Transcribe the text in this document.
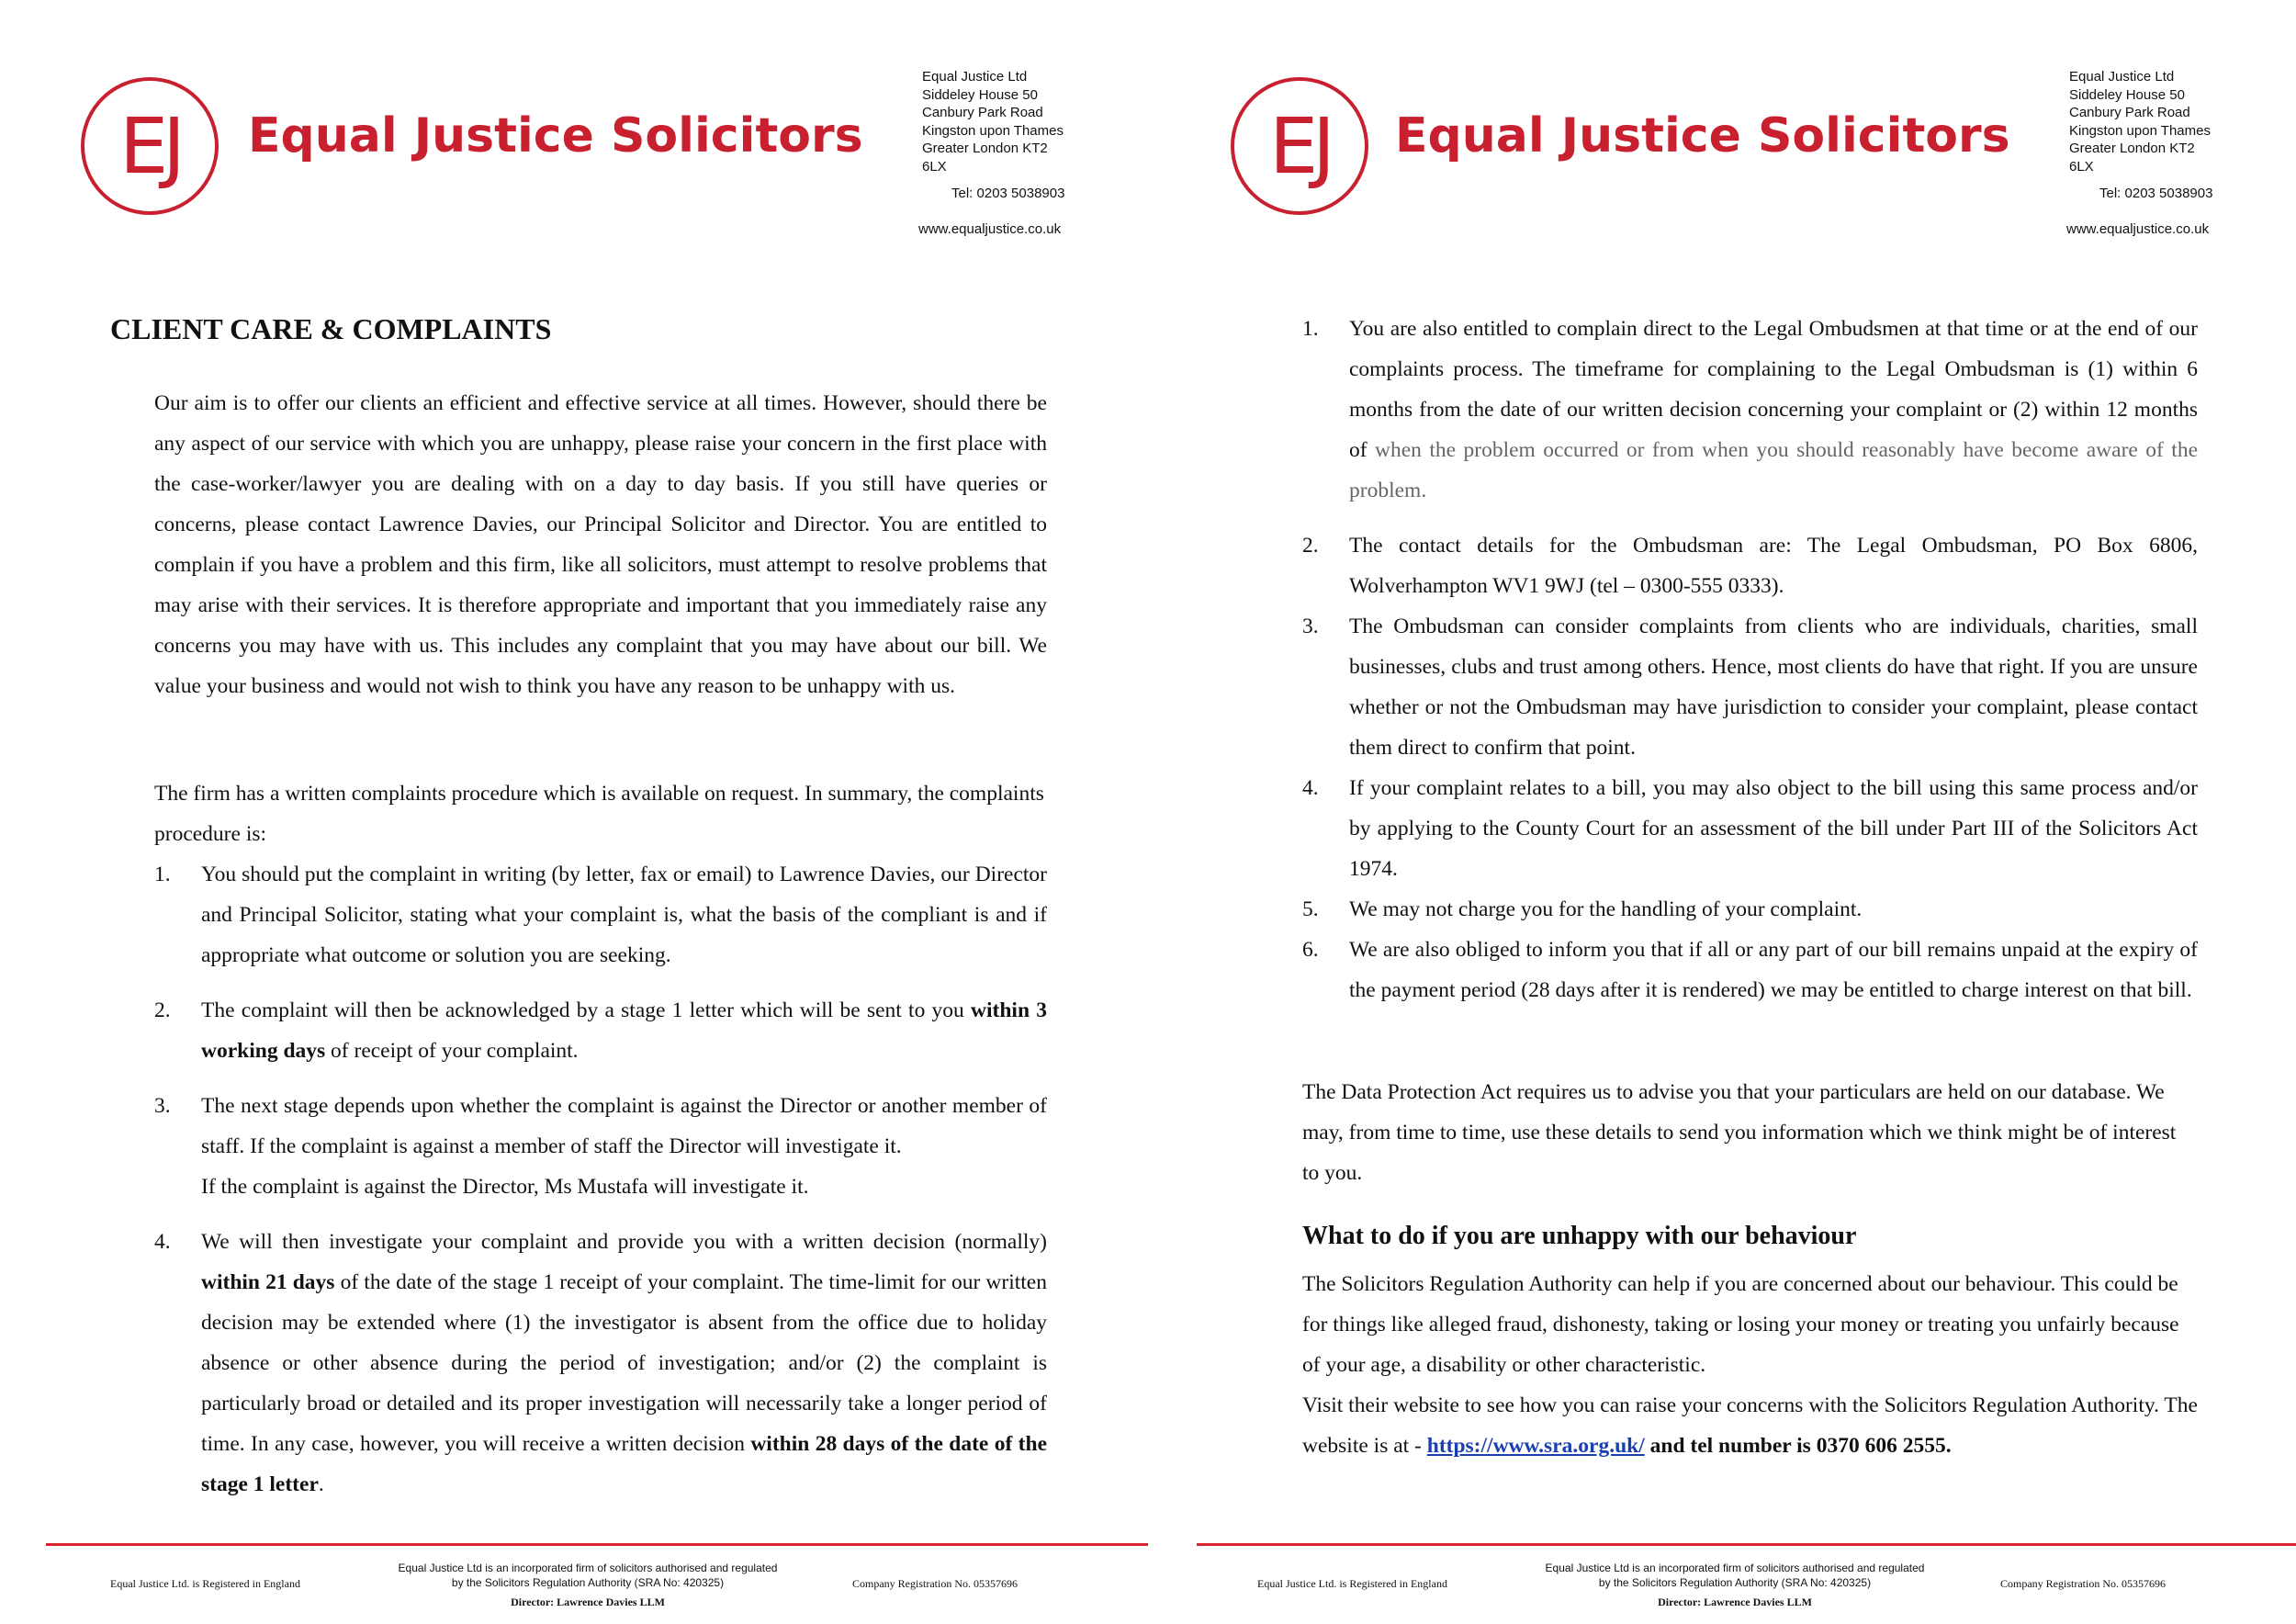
EJ Equal Justice Solicitors
Equal Justice Ltd
Siddeley House 50
Canbury Park Road
Kingston upon Thames
Greater London KT2
6LX
Tel: 0203 5038903
www.equaljustice.co.uk
CLIENT CARE & COMPLAINTS
Our aim is to offer our clients an efficient and effective service at all times. However, should there be any aspect of our service with which you are unhappy, please raise your concern in the first place with the case-worker/lawyer you are dealing with on a day to day basis. If you still have queries or concerns, please contact Lawrence Davies, our Principal Solicitor and Director. You are entitled to complain if you have a problem and this firm, like all solicitors, must attempt to resolve problems that may arise with their services. It is therefore appropriate and important that you immediately raise any concerns you may have with us. This includes any complaint that you may have about our bill. We value your business and would not wish to think you have any reason to be unhappy with us.
The firm has a written complaints procedure which is available on request. In summary, the complaints procedure is:
1. You should put the complaint in writing (by letter, fax or email) to Lawrence Davies, our Director and Principal Solicitor, stating what your complaint is, what the basis of the compliant is and if appropriate what outcome or solution you are seeking.
2. The complaint will then be acknowledged by a stage 1 letter which will be sent to you within 3 working days of receipt of your complaint.
3. The next stage depends upon whether the complaint is against the Director or another member of staff. If the complaint is against a member of staff the Director will investigate it.
If the complaint is against the Director, Ms Mustafa will investigate it.
4. We will then investigate your complaint and provide you with a written decision (normally) within 21 days of the date of the stage 1 receipt of your complaint. The time-limit for our written decision may be extended where (1) the investigator is absent from the office due to holiday absence or other absence during the period of investigation; and/or (2) the complaint is particularly broad or detailed and its proper investigation will necessarily take a longer period of time. In any case, however, you will receive a written decision within 28 days of the date of the stage 1 letter.
Equal Justice Ltd. is Registered in England
Equal Justice Ltd is an incorporated firm of solicitors authorised and regulated
by the Solicitors Regulation Authority (SRA No: 420325)
Director: Lawrence Davies LLM
Company Registration No. 05357696
EJ Equal Justice Solicitors
Equal Justice Ltd
Siddeley House 50
Canbury Park Road
Kingston upon Thames
Greater London KT2
6LX
Tel: 0203 5038903
www.equaljustice.co.uk
1. You are also entitled to complain direct to the Legal Ombudsmen at that time or at the end of our complaints process. The timeframe for complaining to the Legal Ombudsman is (1) within 6 months from the date of our written decision concerning your complaint or (2) within 12 months of when the problem occurred or from when you should reasonably have become aware of the problem.
2. The contact details for the Ombudsman are: The Legal Ombudsman, PO Box 6806, Wolverhampton WV1 9WJ (tel – 0300-555 0333).
3. The Ombudsman can consider complaints from clients who are individuals, charities, small businesses, clubs and trust among others. Hence, most clients do have that right. If you are unsure whether or not the Ombudsman may have jurisdiction to consider your complaint, please contact them direct to confirm that point.
4. If your complaint relates to a bill, you may also object to the bill using this same process and/or by applying to the County Court for an assessment of the bill under Part III of the Solicitors Act 1974.
5. We may not charge you for the handling of your complaint.
6. We are also obliged to inform you that if all or any part of our bill remains unpaid at the expiry of the payment period (28 days after it is rendered) we may be entitled to charge interest on that bill.
The Data Protection Act requires us to advise you that your particulars are held on our database. We may, from time to time, use these details to send you information which we think might be of interest to you.
What to do if you are unhappy with our behaviour
The Solicitors Regulation Authority can help if you are concerned about our behaviour. This could be for things like alleged fraud, dishonesty, taking or losing your money or treating you unfairly because of your age, a disability or other characteristic.
Visit their website to see how you can raise your concerns with the Solicitors Regulation Authority. The website is at - https://www.sra.org.uk/ and tel number is 0370 606 2555.
Equal Justice Ltd. is Registered in England
Equal Justice Ltd is an incorporated firm of solicitors authorised and regulated
by the Solicitors Regulation Authority (SRA No: 420325)
Director: Lawrence Davies LLM
Company Registration No. 05357696
